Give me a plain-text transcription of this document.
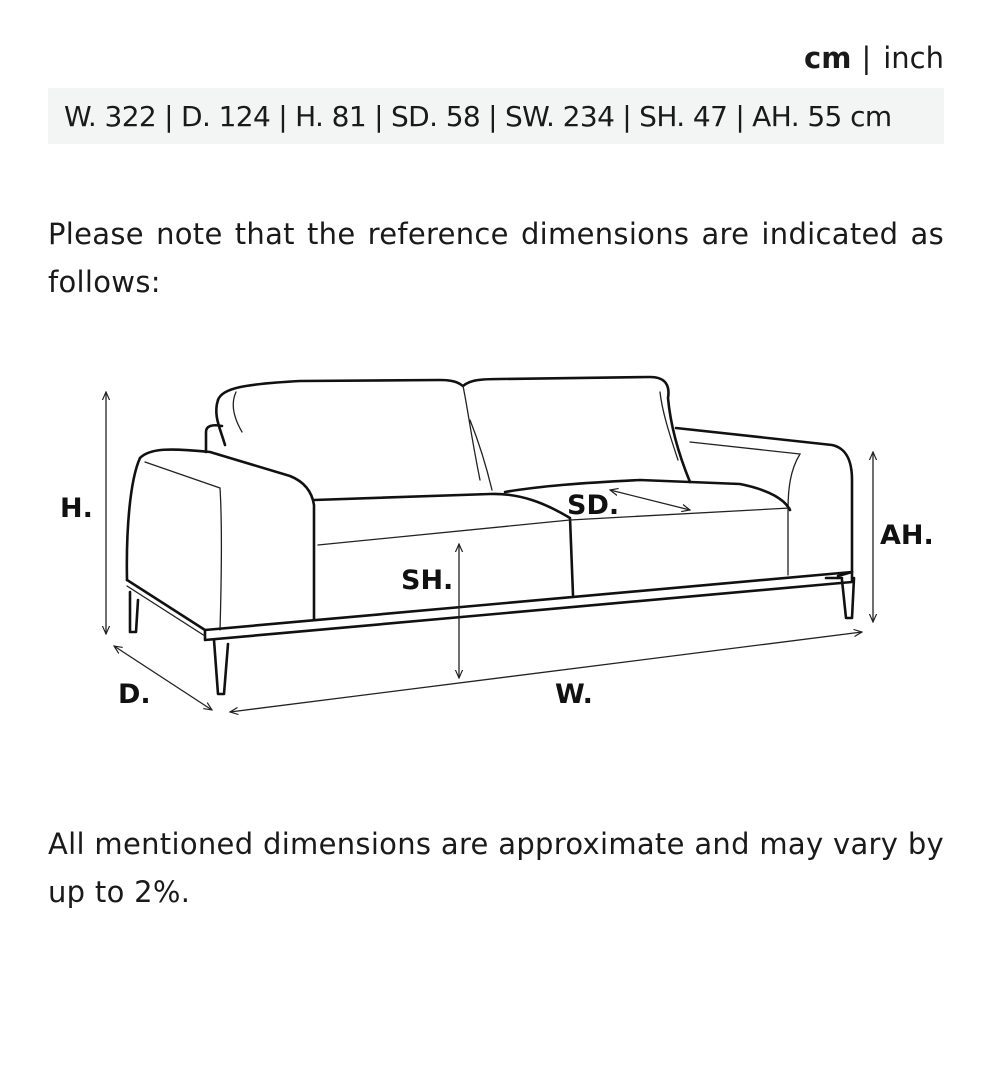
cm | inch
W. 322 | D. 124 | H. 81 | SD. 58 | SW. 234 | SH. 47 | AH. 55 cm

Please note that the reference dimensions are indicated as follows:

H.
D.	W.
SH.
SD.
AH.

All mentioned dimensions are approximate and may vary by up to 2%.
